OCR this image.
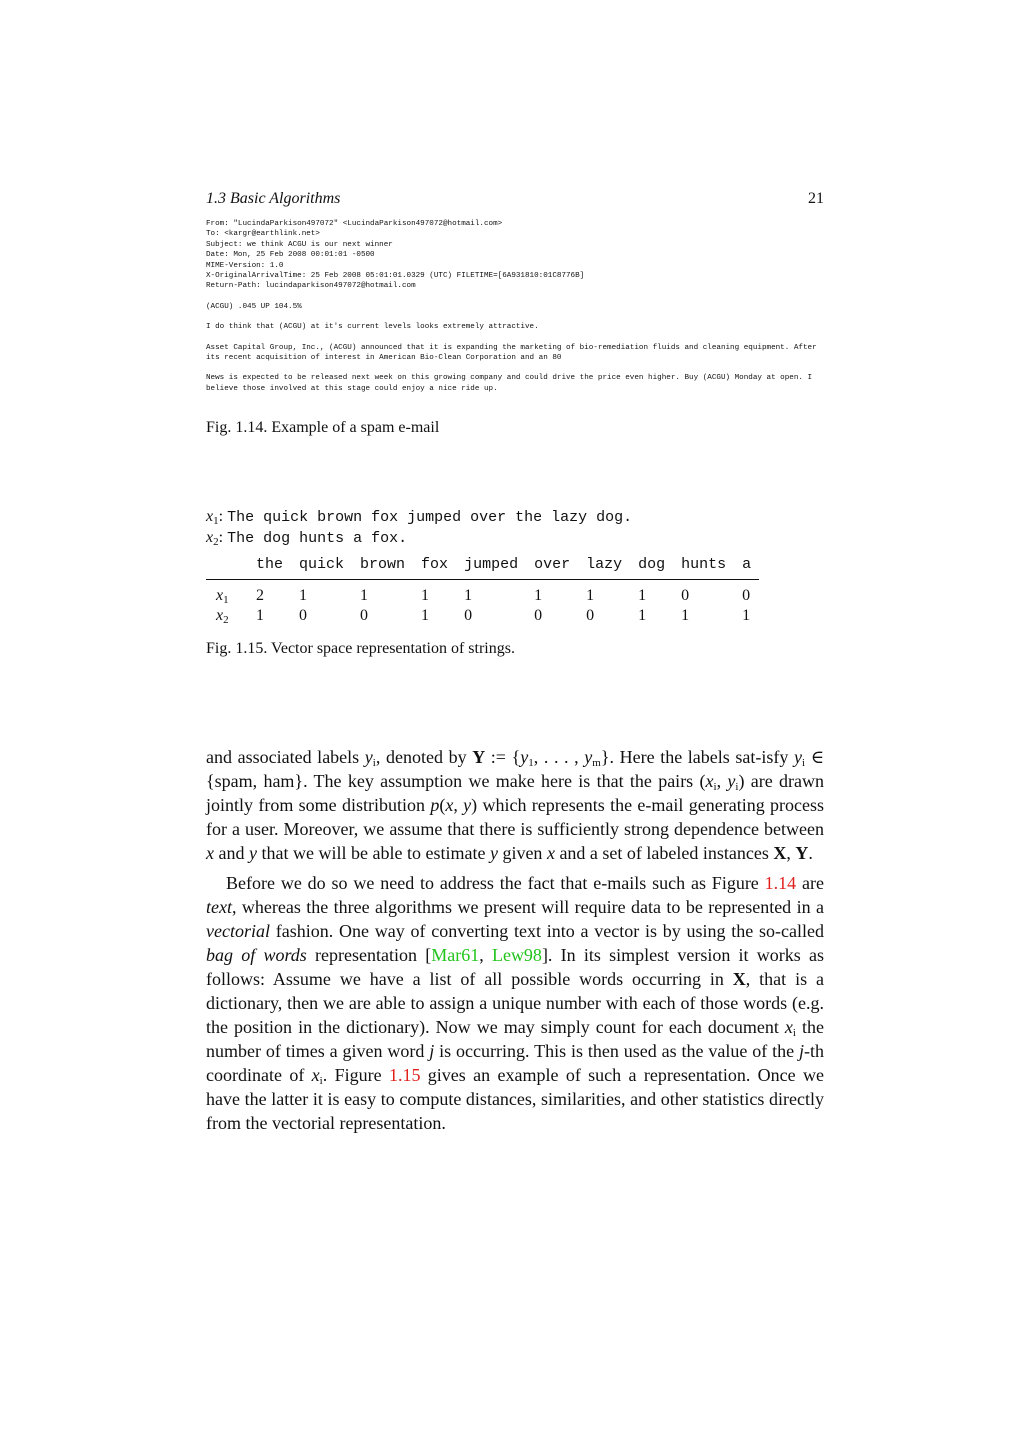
1.3 Basic Algorithms	21
From: "LucindaParkison497072" <LucindaParkison497072@hotmail.com>
To: <kargr@earthlink.net>
Subject: we think ACGU is our next winner
Date: Mon, 25 Feb 2008 00:01:01 -0500
MIME-Version: 1.0
X-OriginalArrivalTime: 25 Feb 2008 05:01:01.0329 (UTC) FILETIME=[6A931810:01C8776B]
Return-Path: lucindaparkison497072@hotmail.com
(ACGU) .045 UP 104.5%
I do think that (ACGU) at it's current levels looks extremely attractive.
Asset Capital Group, Inc., (ACGU) announced that it is expanding the marketing of bio-remediation fluids and cleaning equipment. After its recent acquisition of interest in American Bio-Clean Corporation and an 80
News is expected to be released next week on this growing company and could drive the price even higher. Buy (ACGU) Monday at open. I believe those involved at this stage could enjoy a nice ride up.
Fig. 1.14. Example of a spam e-mail
$x_1$: The quick brown fox jumped over the lazy dog.
$x_2$: The dog hunts a fox.
	the	quick	brown	fox	jumped	over	lazy	dog	hunts	a
$x_1$	2	1	1	1	1	1	1	1	0	0
$x_2$	1	0	0	1	0	0	0	1	1	1
Fig. 1.15. Vector space representation of strings.

and associated labels $y_i$, denoted by Y := {$y_1$, . . . , $y_m$}. Here the labels sat-isfy $y_i$ ∈ {spam, ham}. The key assumption we make here is that the pairs ($x_i$, $y_i$) are drawn jointly from some distribution p(x, y) which represents the e-mail generating process for a user. Moreover, we assume that there is sufficiently strong dependence between x and y that we will be able to estimate y given x and a set of labeled instances X, Y.

Before we do so we need to address the fact that e-mails such as Figure 1.14 are text, whereas the three algorithms we present will require data to be represented in a vectorial fashion. One way of converting text into a vector is by using the so-called bag of words representation [Mar61, Lew98]. In its simplest version it works as follows: Assume we have a list of all possible words occurring in X, that is a dictionary, then we are able to assign a unique number with each of those words (e.g. the position in the dictionary). Now we may simply count for each document $x_i$ the number of times a given word j is occurring. This is then used as the value of the j-th coordinate of $x_i$. Figure 1.15 gives an example of such a representation. Once we have the latter it is easy to compute distances, similarities, and other statistics directly from the vectorial representation.
